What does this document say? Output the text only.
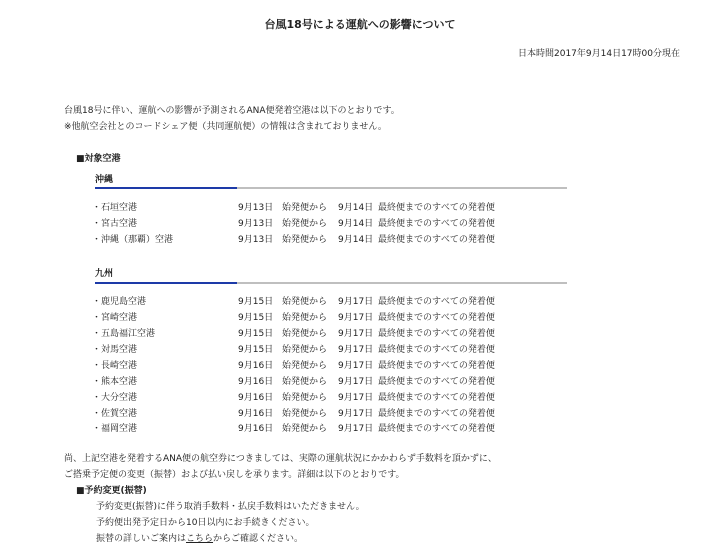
台風18号による運航への影響について
日本時間2017年9月14日17時00分現在
台風18号に伴い、運航への影響が予測されるANA便発着空港は以下のとおりです。
※他航空会社とのコードシェア便（共同運航便）の情報は含まれておりません。
■対象空港
沖縄
・石垣空港	9月13日 始発便から 9月14日 最終便までのすべての発着便
・宮古空港	9月13日 始発便から 9月14日 最終便までのすべての発着便
・沖縄（那覇）空港	9月13日 始発便から 9月14日 最終便までのすべての発着便
九州
・鹿児島空港	9月15日 始発便から 9月17日 最終便までのすべての発着便
・宮崎空港	9月15日 始発便から 9月17日 最終便までのすべての発着便
・五島福江空港	9月15日 始発便から 9月17日 最終便までのすべての発着便
・対馬空港	9月15日 始発便から 9月17日 最終便までのすべての発着便
・長崎空港	9月16日 始発便から 9月17日 最終便までのすべての発着便
・熊本空港	9月16日 始発便から 9月17日 最終便までのすべての発着便
・大分空港	9月16日 始発便から 9月17日 最終便までのすべての発着便
・佐賀空港	9月16日 始発便から 9月17日 最終便までのすべての発着便
・福岡空港	9月16日 始発便から 9月17日 最終便までのすべての発着便
尚、上記空港を発着するANA便の航空券につきましては、実際の運航状況にかかわらず手数料を頂かずに、
ご搭乗予定便の変更（振替）および払い戻しを承ります。詳細は以下のとおりです。
■予約変更(振替)
予約変更(振替)に伴う取消手数料・払戻手数料はいただきません。
予約便出発予定日から10日以内にお手続きください。
振替の詳しいご案内はこちらからご確認ください。
